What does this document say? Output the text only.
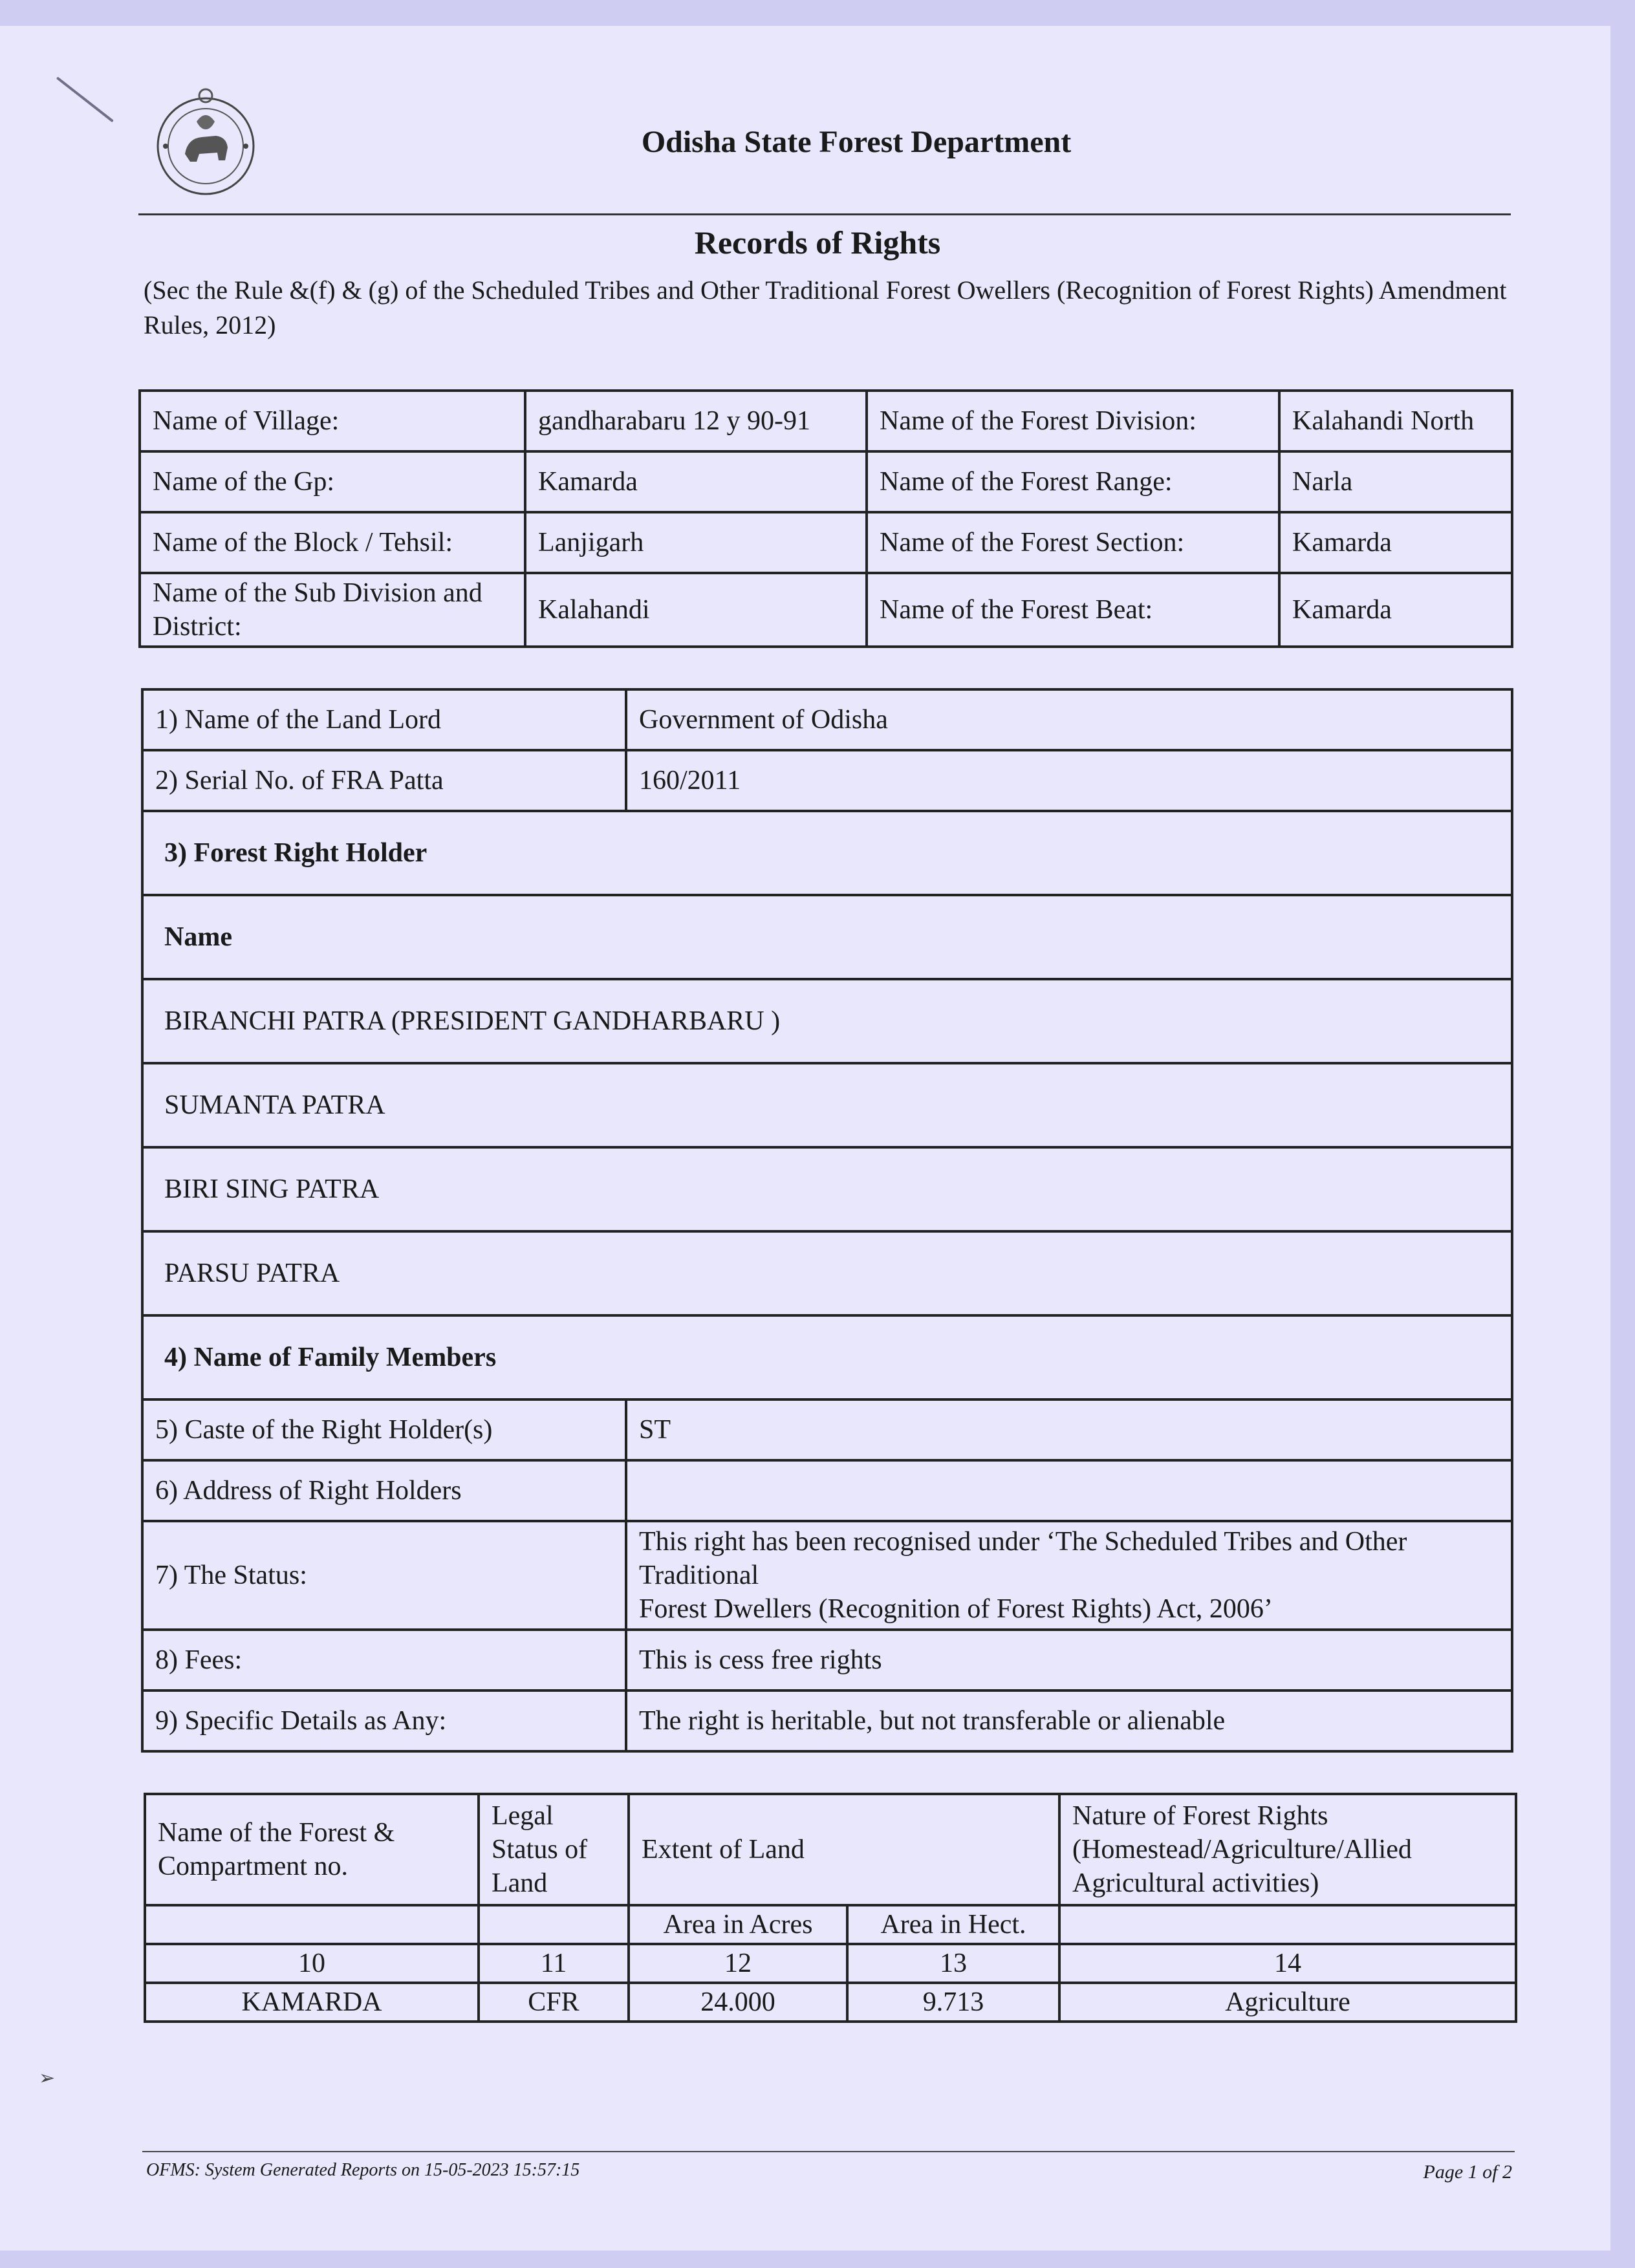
Odisha State Forest Department
Records of Rights
(Sec the Rule &(f) & (g) of the Scheduled Tribes and Other Traditional Forest Owellers (Recognition of Forest Rights) Amendment Rules, 2012)
Name of Village:	gandharabaru 12 y 90-91	Name of the Forest Division:	Kalahandi North
Name of the Gp:	Kamarda	Name of the Forest Range:	Narla
Name of the Block / Tehsil:	Lanjigarh	Name of the Forest Section:	Kamarda
Name of the Sub Division and District:	Kalahandi	Name of the Forest Beat:	Kamarda
1) Name of the Land Lord	Government of Odisha
2) Serial No. of FRA Patta	160/2011
3) Forest Right Holder	
Name	
BIRANCHI PATRA (PRESIDENT GANDHARBARU )	
SUMANTA PATRA	
BIRI SING PATRA	
PARSU PATRA	
4) Name of Family Members	
5) Caste of the Right Holder(s)	ST
6) Address of Right Holders	
7) The Status:	This right has been recognised under ‘The Scheduled Tribes and Other
Traditional
Forest Dwellers (Recognition of Forest Rights) Act, 2006’

8) Fees:	This is cess free rights
9) Specific Details as Any:	The right is heritable, but not transferable or alienable
Name of the Forest & Compartment no.	Legal Status of Land	Extent of Land		Nature of Forest Rights (Homestead/Agriculture/Allied Agricultural activities)
		Area in Acres	Area in Hect.	
10	11	12	13	14
KAMARDA	CFR	24.000	9.713	Agriculture
➢
OFMS: System Generated Reports on 15-05-2023 15:57:15	Page 1 of 2
